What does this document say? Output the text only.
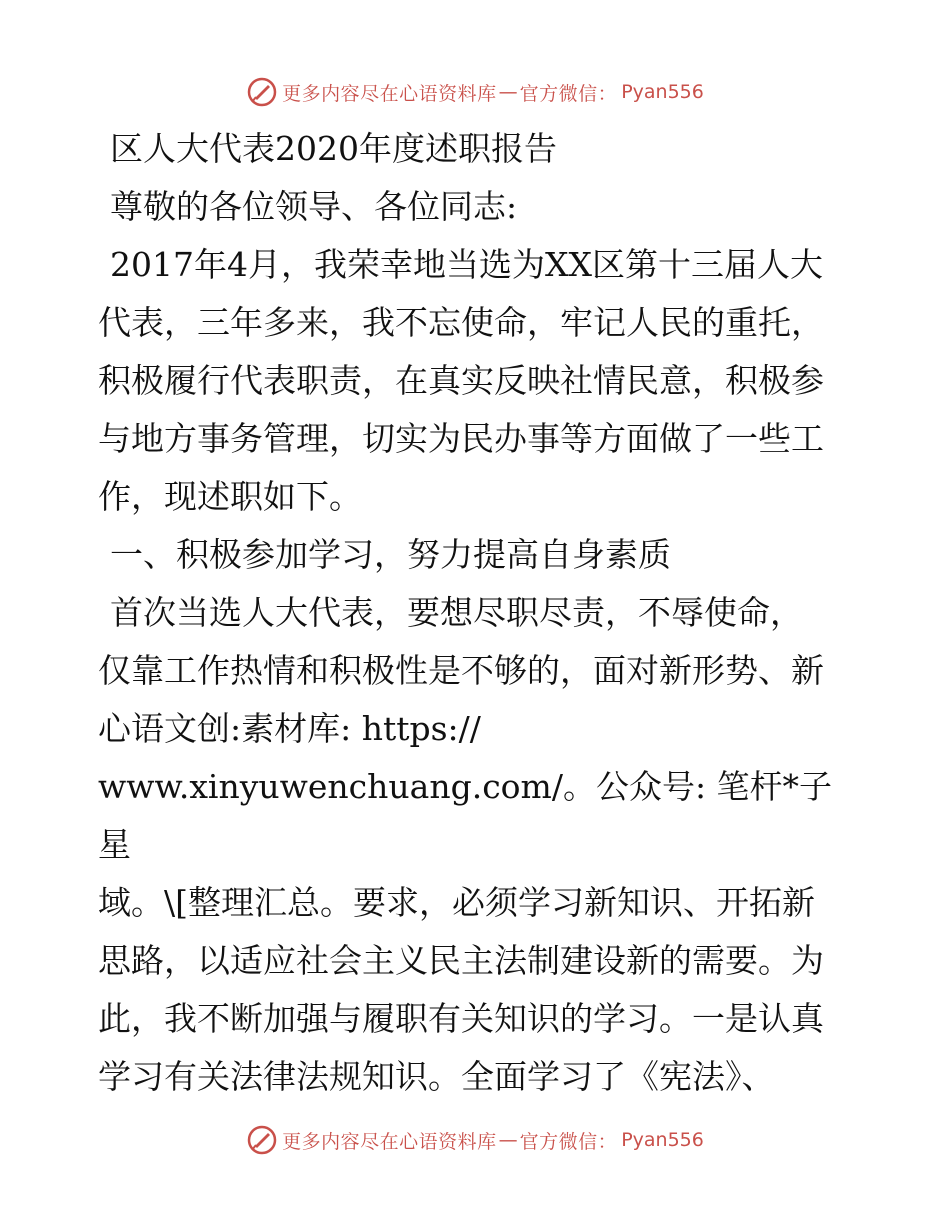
更多内容尽在心语资料库 — 官方微信： Pyan556

区人大代表2020年度述职报告

尊敬的各位领导、各位同志:

2017年4月，我荣幸地当选为XX区第十三届人大
代表，三年多来，我不忘使命，牢记人民的重托，
积极履行代表职责，在真实反映社情民意，积极参
与地方事务管理，切实为民办事等方面做了一些工
作，现述职如下。

一、积极参加学习，努力提高自身素质

首次当选人大代表，要想尽职尽责，不辱使命，
仅靠工作热情和积极性是不够的，面对新形势、新
心语文创:素材库: https://
www.xinyuwenchuang.com/。公众号: 笔杆*子星
域。\[整理汇总。要求，必须学习新知识、开拓新
思路，以适应社会主义民主法制建设新的需要。为
此，我不断加强与履职有关知识的学习。一是认真
学习有关法律法规知识。全面学习了《宪法》、
更多内容尽在心语资料库 — 官方微信： Pyan556
